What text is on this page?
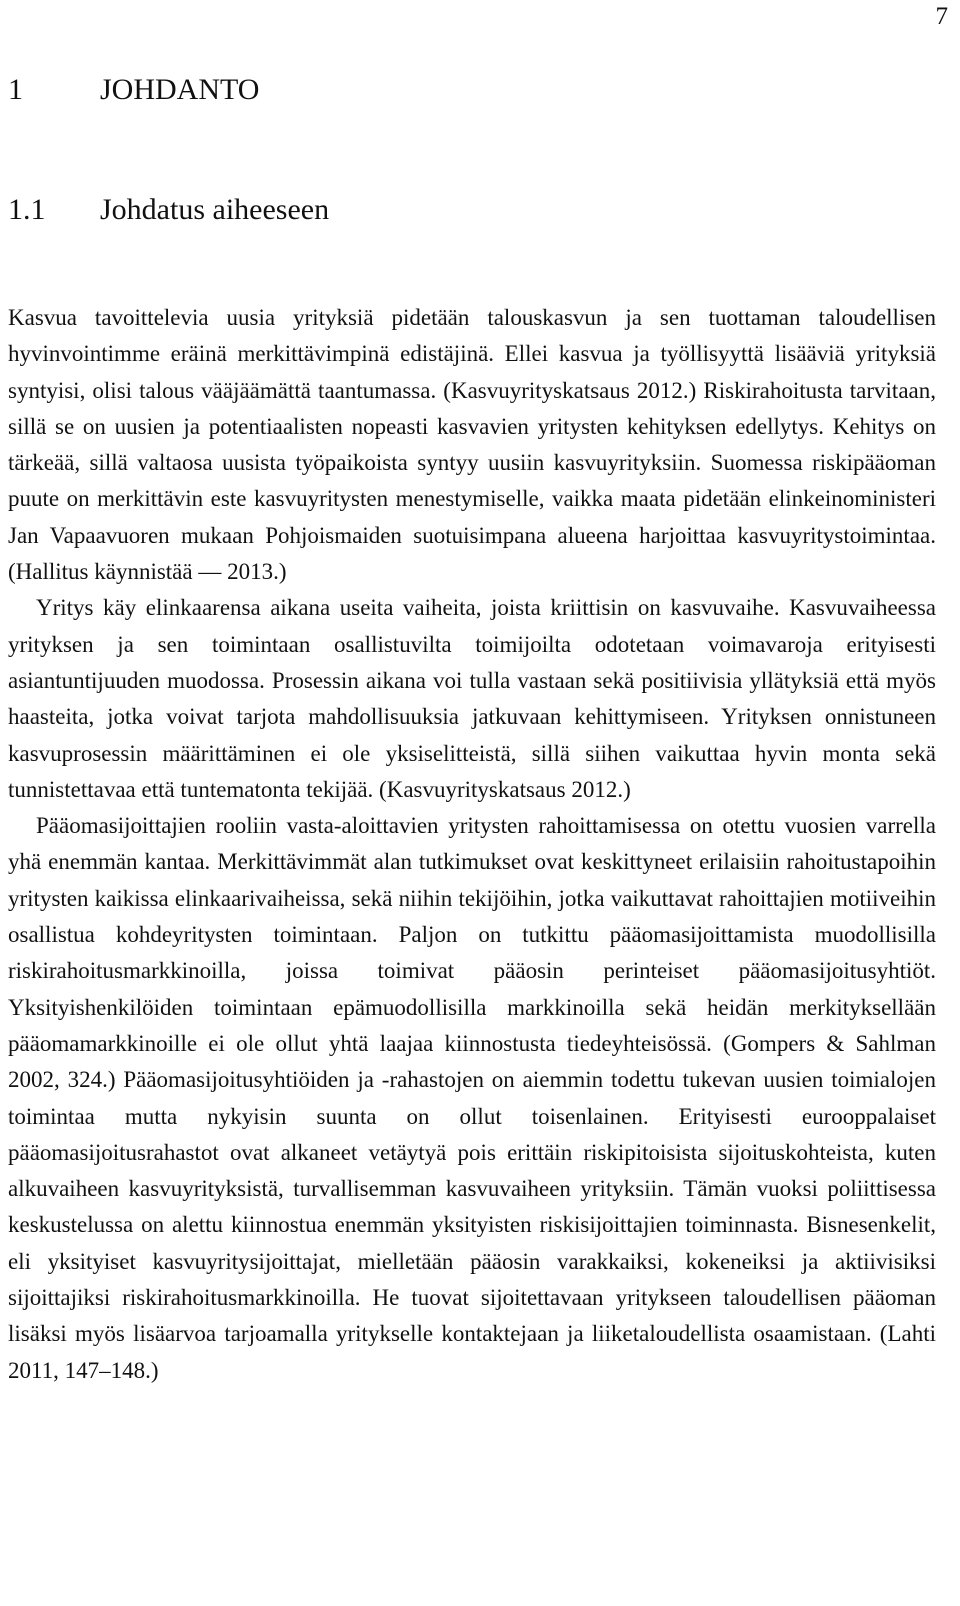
7
1	JOHDANTO
1.1	Johdatus aiheeseen

Kasvua tavoittelevia uusia yrityksiä pidetään talouskasvun ja sen tuottaman taloudellisen hyvinvointimme eräinä merkittävimpinä edistäjinä. Ellei kasvua ja työllisyyttä lisääviä yrityksiä syntyisi, olisi talous vääjäämättä taantumassa. (Kasvuyrityskatsaus 2012.) Riskirahoitusta tarvitaan, sillä se on uusien ja potentiaalisten nopeasti kasvavien yritysten kehityksen edellytys. Kehitys on tärkeää, sillä valtaosa uusista työpaikoista syntyy uusiin kasvuyrityksiin. Suomessa riskipääoman puute on merkittävin este kasvuyritysten menestymiselle, vaikka maata pidetään elinkeinoministeri Jan Vapaavuoren mukaan Pohjoismaiden suotuisimpana alueena harjoittaa kasvuyritystoimintaa. (Hallitus käynnistää –– 2013.)

Yritys käy elinkaarensa aikana useita vaiheita, joista kriittisin on kasvuvaihe. Kasvuvaiheessa yrityksen ja sen toimintaan osallistuvilta toimijoilta odotetaan voimavaroja erityisesti asiantuntijuuden muodossa. Prosessin aikana voi tulla vastaan sekä positiivisia yllätyksiä että myös haasteita, jotka voivat tarjota mahdollisuuksia jatkuvaan kehittymiseen. Yrityksen onnistuneen kasvuprosessin määrittäminen ei ole yksiselitteistä, sillä siihen vaikuttaa hyvin monta sekä tunnistettavaa että tuntematonta tekijää. (Kasvuyrityskatsaus 2012.)

Pääomasijoittajien rooliin vasta-aloittavien yritysten rahoittamisessa on otettu vuosien varrella yhä enemmän kantaa. Merkittävimmät alan tutkimukset ovat keskittyneet erilaisiin rahoitustapoihin yritysten kaikissa elinkaarivaiheissa, sekä niihin tekijöihin, jotka vaikuttavat rahoittajien motiiveihin osallistua kohdeyritysten toimintaan. Paljon on tutkittu pääomasijoittamista muodollisilla riskirahoitusmarkkinoilla, joissa toimivat pääosin perinteiset pääomasijoitusyhtiöt. Yksityishenkilöiden toimintaan epämuodollisilla markkinoilla sekä heidän merkityksellään pääomamarkkinoille ei ole ollut yhtä laajaa kiinnostusta tiedeyhteisössä. (Gompers & Sahlman 2002, 324.) Pääomasijoitusyhtiöiden ja -rahastojen on aiemmin todettu tukevan uusien toimialojen toimintaa mutta nykyisin suunta on ollut toisenlainen. Erityisesti eurooppalaiset pääomasijoitusrahastot ovat alkaneet vetäytyä pois erittäin riskipitoisista sijoituskohteista, kuten alkuvaiheen kasvuyrityksistä, turvallisemman kasvuvaiheen yrityksiin. Tämän vuoksi poliittisessa keskustelussa on alettu kiinnostua enemmän yksityisten riskisijoittajien toiminnasta. Bisnesenkelit, eli yksityiset kasvuyritysijoittajat, mielletään pääosin varakkaiksi, kokeneiksi ja aktiivisiksi sijoittajiksi riskirahoitusmarkkinoilla. He tuovat sijoitettavaan yritykseen taloudellisen pääoman lisäksi myös lisäarvoa tarjoamalla yritykselle kontaktejaan ja liiketaloudellista osaamistaan. (Lahti 2011, 147–148.)
